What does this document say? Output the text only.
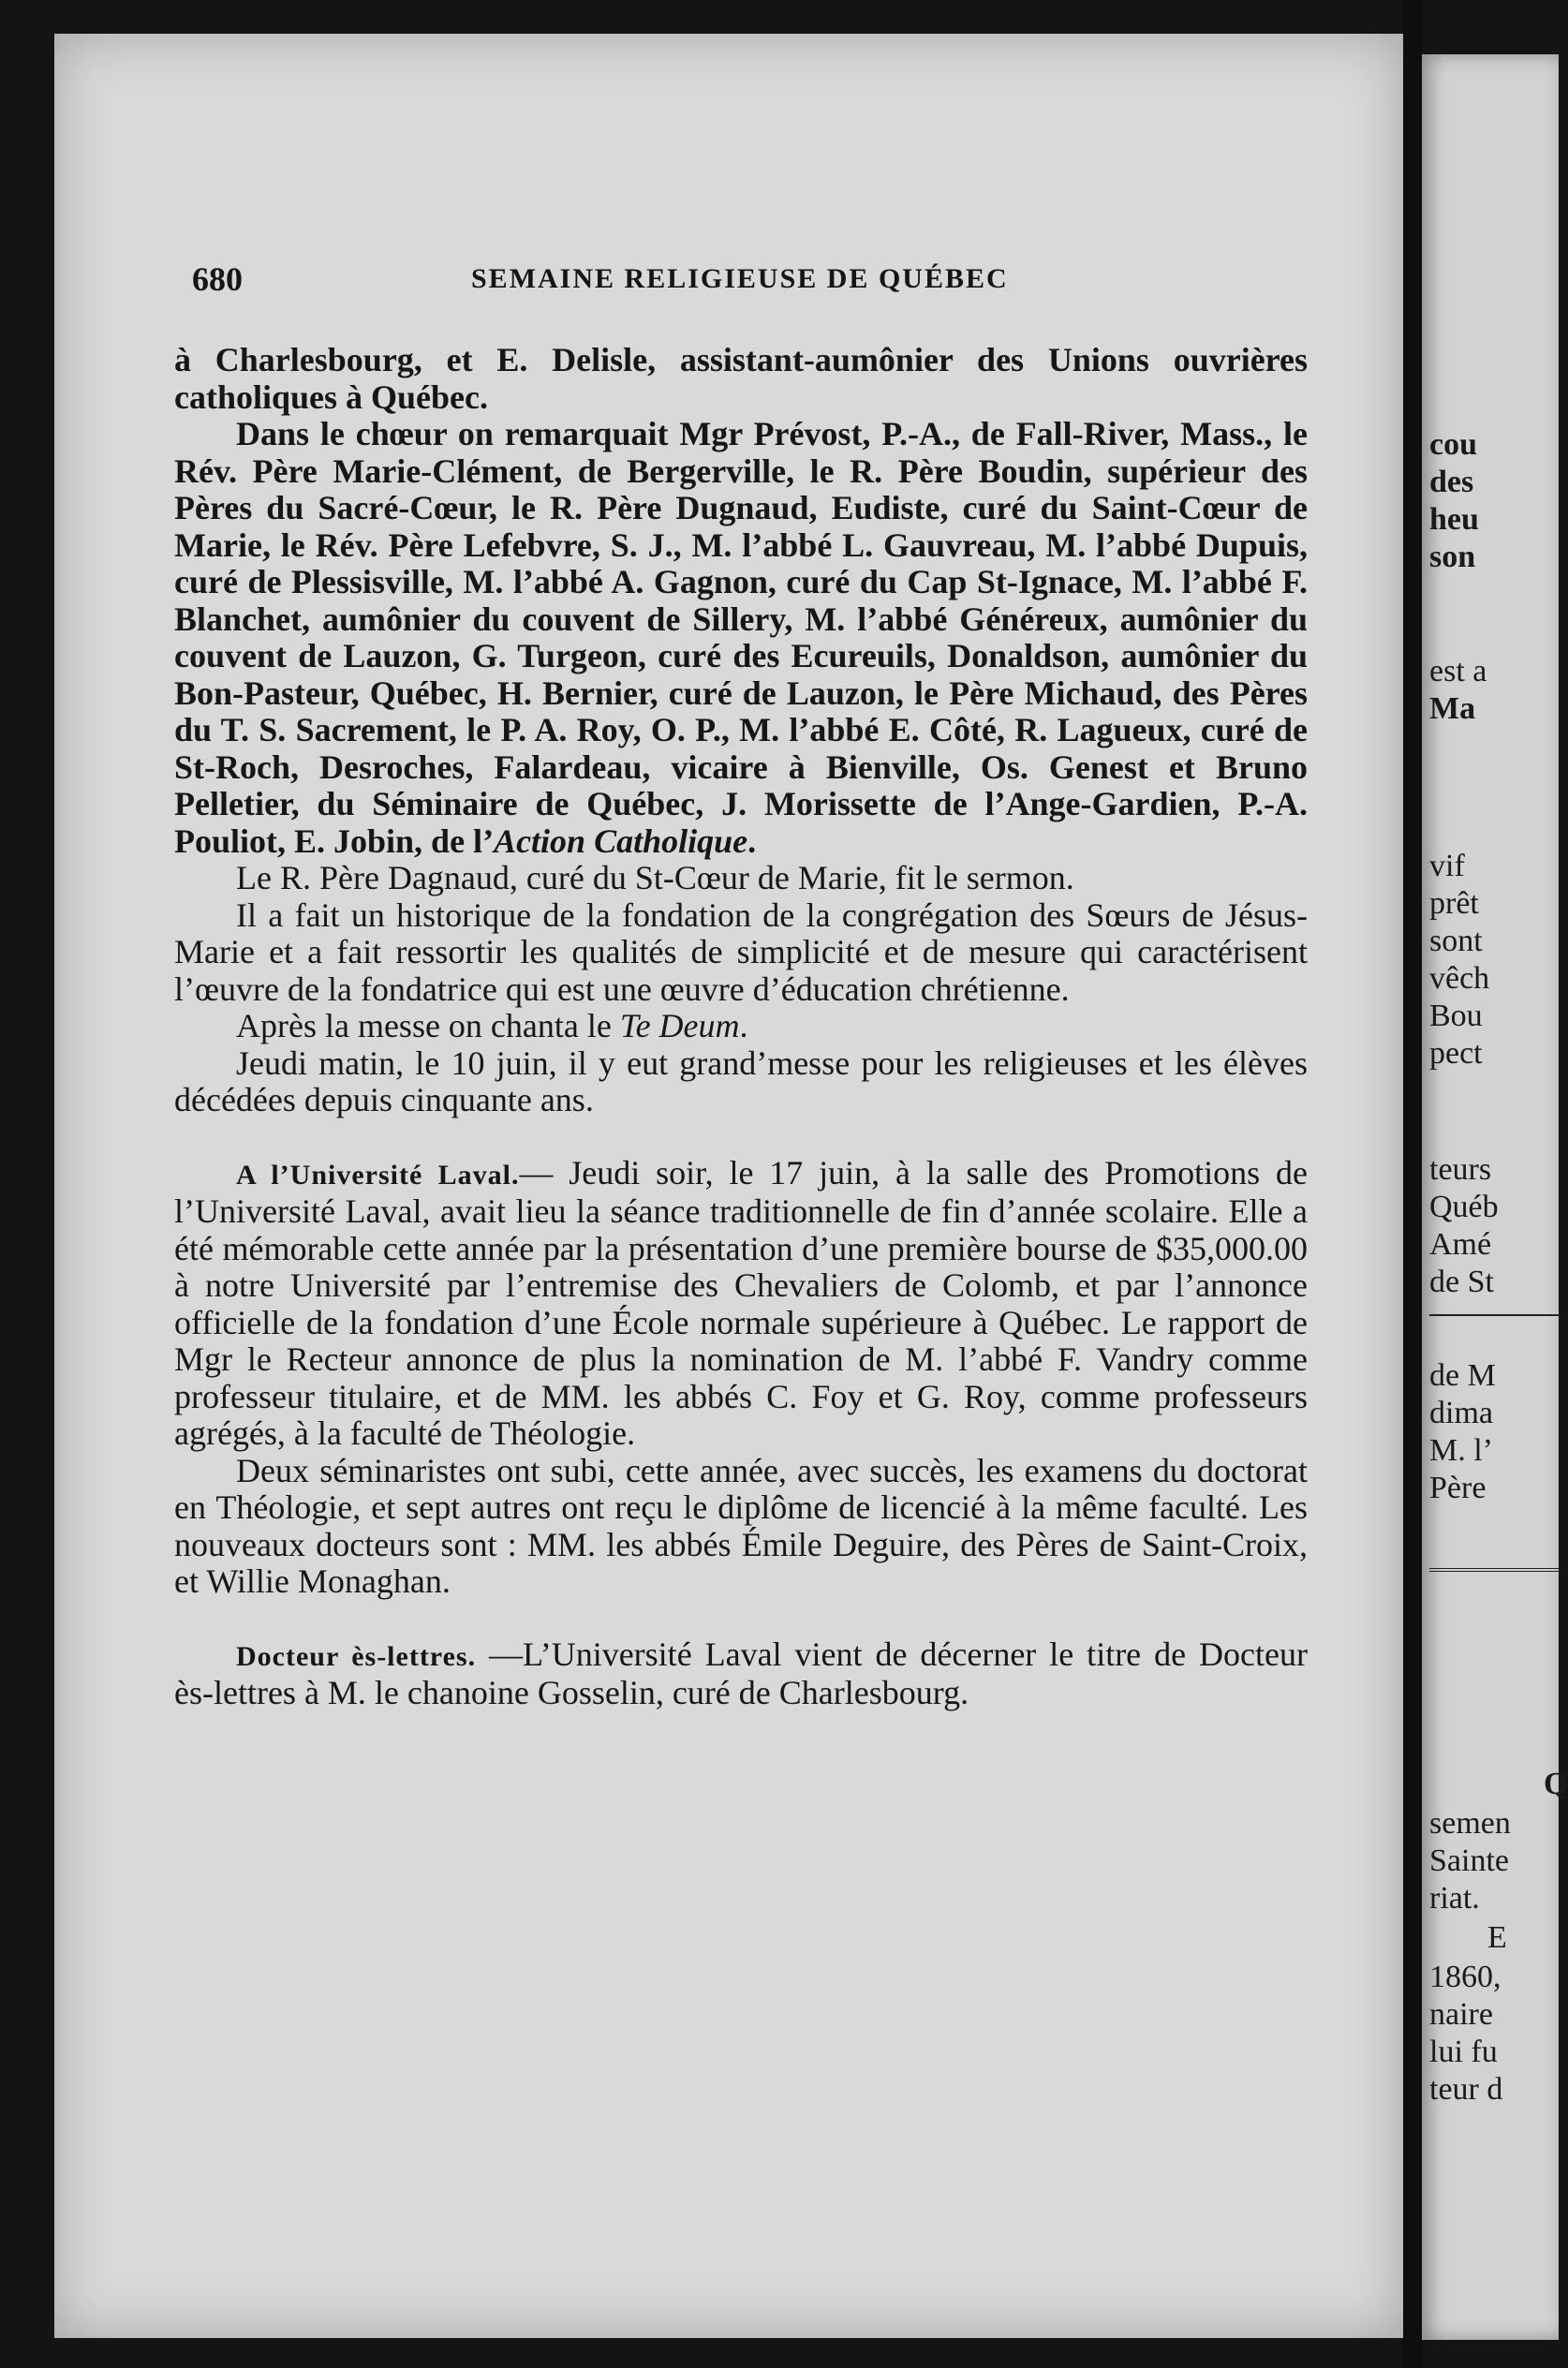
680	SEMAINE RELIGIEUSE DE QUÉBEC

à Charlesbourg, et E. Delisle, assistant-aumônier des Unions ouvrières catholiques à Québec.

Dans le chœur on remarquait Mgr Prévost, P.-A., de Fall-River, Mass., le Rév. Père Marie-Clément, de Bergerville, le R. Père Boudin, supérieur des Pères du Sacré-Cœur, le R. Père Dugnaud, Eudiste, curé du Saint-Cœur de Marie, le Rév. Père Lefebvre, S. J., M. l’abbé L. Gauvreau, M. l’abbé Dupuis, curé de Plessisville, M. l’abbé A. Gagnon, curé du Cap St-Ignace, M. l’abbé F. Blanchet, aumônier du couvent de Sillery, M. l’abbé Généreux, aumônier du couvent de Lauzon, G. Turgeon, curé des Ecureuils, Donaldson, aumônier du Bon-Pasteur, Québec, H. Bernier, curé de Lauzon, le Père Michaud, des Pères du T. S. Sacrement, le P. A. Roy, O. P., M. l’abbé E. Côté, R. Lagueux, curé de St-Roch, Desroches, Falardeau, vicaire à Bienville, Os. Genest et Bruno Pelletier, du Séminaire de Québec, J. Morissette de l’Ange-Gardien, P.-A. Pouliot, E. Jobin, de l’Action Catholique.

Le R. Père Dagnaud, curé du St-Cœur de Marie, fit le sermon.

Il a fait un historique de la fondation de la congrégation des Sœurs de Jésus-Marie et a fait ressortir les qualités de simplicité et de mesure qui caractérisent l’œuvre de la fondatrice qui est une œuvre d’éducation chrétienne.

Après la messe on chanta le Te Deum.

Jeudi matin, le 10 juin, il y eut grand’messe pour les religieuses et les élèves décédées depuis cinquante ans.

A l’Université Laval.— Jeudi soir, le 17 juin, à la salle des Promotions de l’Université Laval, avait lieu la séance traditionnelle de fin d’année scolaire. Elle a été mémorable cette année par la présentation d’une première bourse de $35,000.00 à notre Université par l’entremise des Chevaliers de Colomb, et par l’annonce officielle de la fondation d’une École normale supérieure à Québec. Le rapport de Mgr le Recteur annonce de plus la nomination de M. l’abbé F. Vandry comme professeur titulaire, et de MM. les abbés C. Foy et G. Roy, comme professeurs agrégés, à la faculté de Théologie.

Deux séminaristes ont subi, cette année, avec succès, les examens du doctorat en Théologie, et sept autres ont reçu le diplôme de licencié à la même faculté. Les nouveaux docteurs sont : MM. les abbés Émile Deguire, des Pères de Saint-Croix, et Willie Monaghan.

Docteur ès-lettres. —L’Université Laval vient de décerner le titre de Docteur ès-lettres à M. le chanoine Gosselin, curé de Charlesbourg.

cou
des
heu
son
est a
Ma
vif
prêt
sont
vêch
Bou
pect
teurs
Québ
Amé
de St
de M
dima
M. l’
Père
Q
semen
Sainte
riat.
E
1860,
naire
lui fu
teur d
